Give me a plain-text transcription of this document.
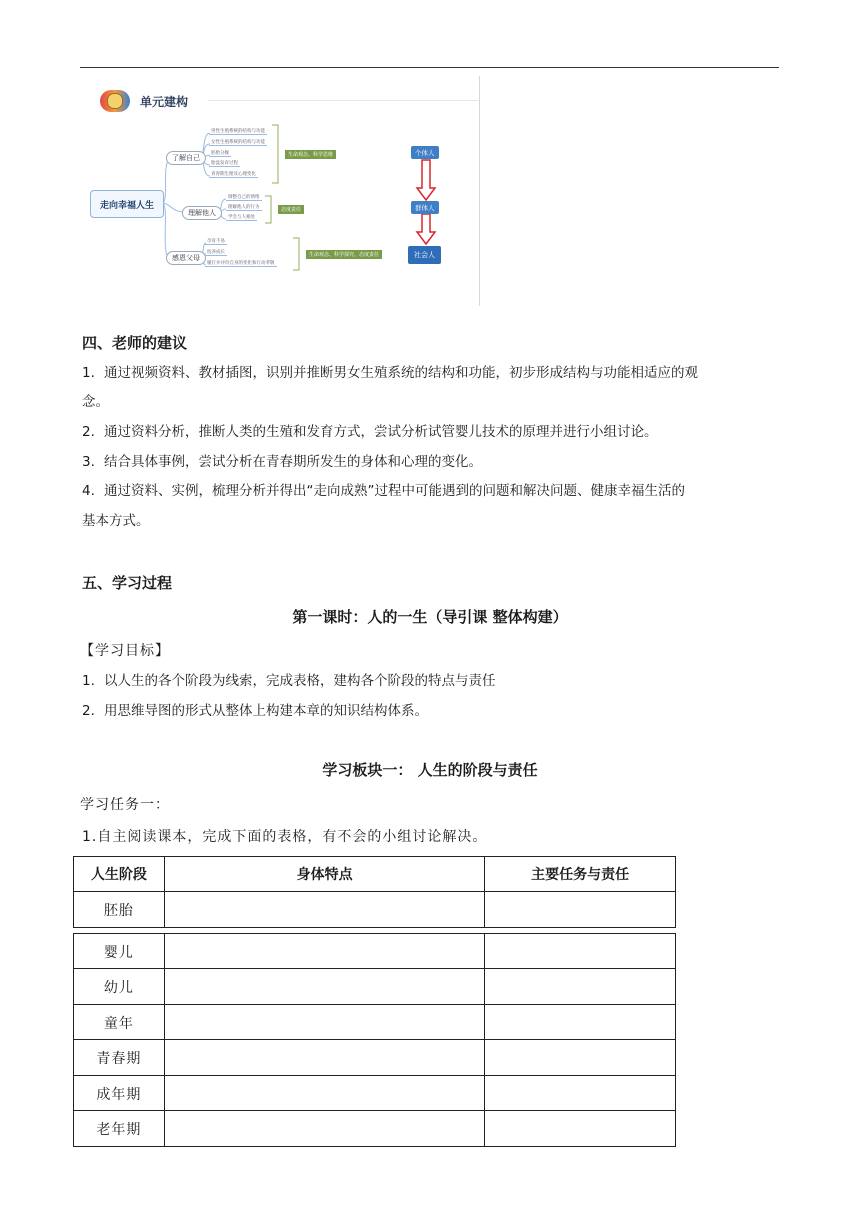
单元建构
走向幸福人生
了解自己
男性生殖系统的结构与功能
女性生殖系统的结构与功能
胚胎分娩
胎盘发育过程
青春期生理及心理变化
生命观念、科学思维
理解他人
调整自己的情绪
理解他人的行为
学会与人相处
态度责任
感恩父母
孕育不易
抚养成长
履行并评价自身的变化和行动孝敬
生命观念、科学探究、态度责任
个体人
群体人
社会人
四、老师的建议
1. 通过视频资料、教材插图，识别并推断男女生殖系统的结构和功能，初步形成结构与功能相适应的观
念。
2. 通过资料分析，推断人类的生殖和发育方式，尝试分析试管婴儿技术的原理并进行小组讨论。
3. 结合具体事例，尝试分析在青春期所发生的身体和心理的变化。
4. 通过资料、实例，梳理分析并得出“走向成熟”过程中可能遇到的问题和解决问题、健康幸福生活的
基本方式。
五、学习过程
第一课时：人的一生（导引课 整体构建）
【学习目标】
1. 以人生的各个阶段为线索，完成表格，建构各个阶段的特点与责任
2. 用思维导图的形式从整体上构建本章的知识结构体系。
学习板块一： 人生的阶段与责任
学习任务一：
1.自主阅读课本，完成下面的表格，有不会的小组讨论解决。
人生阶段	身体特点	主要任务与责任
胚胎		
婴儿		
幼儿		
童年		
青春期		
成年期		
老年期		
